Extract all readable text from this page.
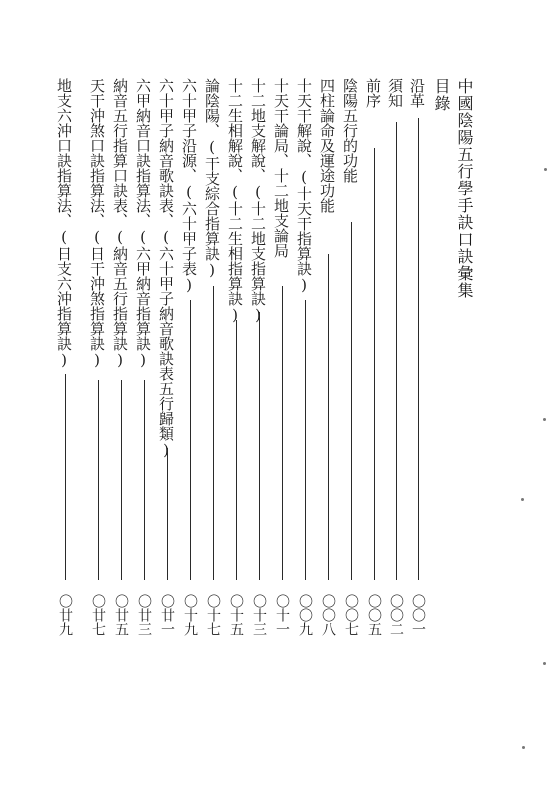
中國陰陽五行學手訣口訣彙集
目錄
沿革
〇〇一
須知
〇〇二
前序
〇〇五
陰陽五行的功能
〇〇七
四柱論命及運途功能
〇〇八
十天干解說、(十天干指算訣)
〇〇九
十天干論局、十二地支論局
〇十一
十二地支解說、(十二地支指算訣)
〇十三
十二生相解說、(十二生相指算訣)
〇十五
論陰陽、(干支綜合指算訣)
〇十七
六十甲子沿源、(六十甲子表)
〇十九
六十甲子納音歌訣表、(六十甲子納音歌訣表五行歸類)
〇廿一
六甲納音口訣指算法、(六甲納音指算訣)
〇廿三
納音五行指算口訣表、(納音五行指算訣)
〇廿五
天干沖煞口訣指算法、(日干沖煞指算訣)
〇廿七
地支六沖口訣指算法、(日支六沖指算訣)
〇廿九
